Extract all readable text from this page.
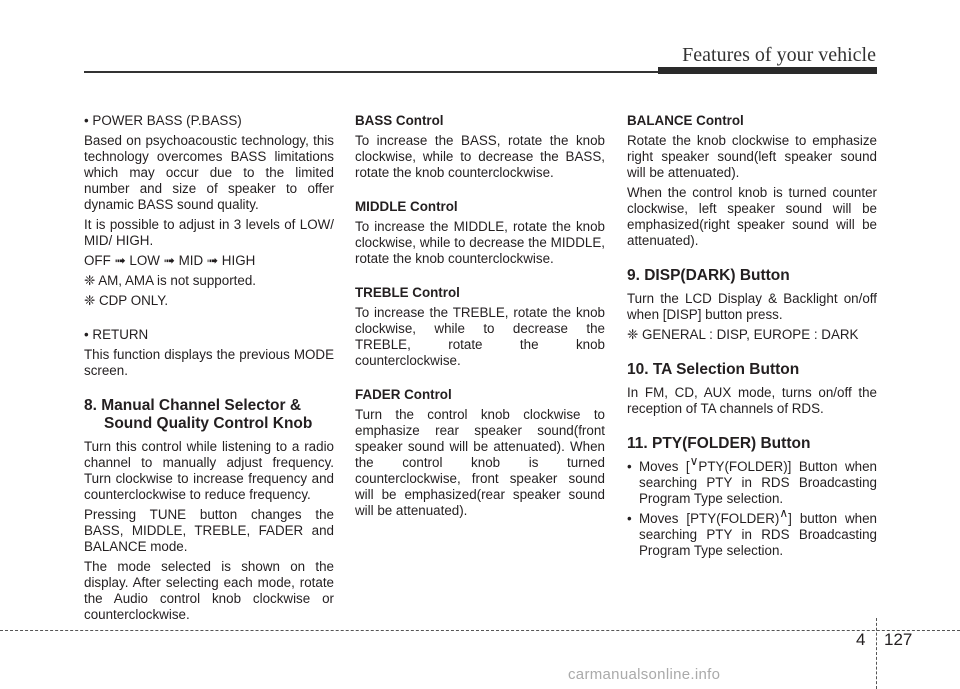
Features of your vehicle
• POWER BASS (P.BASS)
Based on psychoacoustic technology, this technology overcomes BASS limitations which may occur due to the limited number and size of speaker to offer dynamic BASS sound quality.
It is possible to adjust in 3 levels of LOW/ MID/ HIGH.
OFF ➟ LOW ➟ MID ➟ HIGH
❈ AM, AMA is not supported.
❈ CDP ONLY.
• RETURN
This function displays the previous MODE screen.
8. Manual Channel Selector &
Sound Quality Control Knob
Turn this control while listening to a radio channel to manually adjust frequency. Turn clockwise to increase frequency and counterclockwise to reduce frequency.
Pressing TUNE button changes the BASS, MIDDLE, TREBLE, FADER and BALANCE mode.
The mode selected is shown on the display. After selecting each mode, rotate the Audio control knob clockwise or counterclockwise.
BASS Control
To increase the BASS, rotate the knob clockwise, while to decrease the BASS, rotate the knob counterclockwise.
MIDDLE Control
To increase the MIDDLE, rotate the knob clockwise, while to decrease the MIDDLE, rotate the knob counterclockwise.
TREBLE Control
To increase the TREBLE, rotate the knob clockwise, while to decrease the TREBLE, rotate the knob counterclockwise.
FADER Control
Turn the control knob clockwise to emphasize rear speaker sound(front speaker sound will be attenuated). When the control knob is turned counterclockwise, front speaker sound will be emphasized(rear speaker sound will be attenuated).
BALANCE Control
Rotate the knob clockwise to emphasize right speaker sound(left speaker sound will be attenuated).
When the control knob is turned counter clockwise, left speaker sound will be emphasized(right speaker sound will be attenuated).
9. DISP(DARK) Button
Turn the LCD Display & Backlight on/off when [DISP] button press.
❈ GENERAL : DISP, EUROPE : DARK
10. TA Selection Button
In FM, CD, AUX mode, turns on/off the reception of TA channels of RDS.
11. PTY(FOLDER) Button
• Moves [∨PTY(FOLDER)] Button when searching PTY in RDS Broadcasting Program Type selection.
• Moves [PTY(FOLDER)∧] button when searching PTY in RDS Broadcasting Program Type selection.
4 127
carmanualsonline.info
